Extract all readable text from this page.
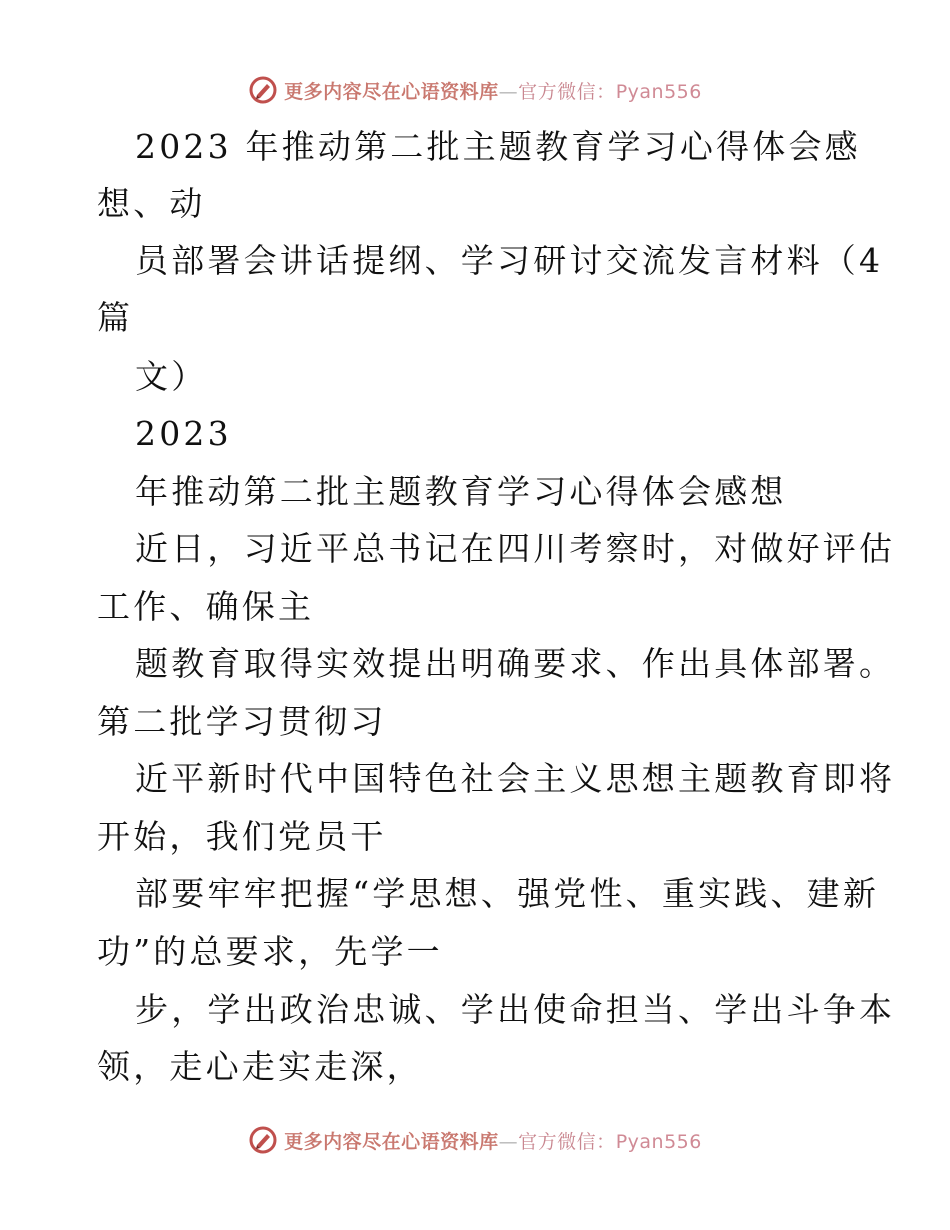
更多内容尽在心语资料库—官方微信：Pyan556
2023 年推动第二批主题教育学习心得体会感
想、动
员部署会讲话提纲、学习研讨交流发言材料（4
篇
文）
2023
年推动第二批主题教育学习心得体会感想
近日，习近平总书记在四川考察时，对做好评估
工作、确保主
题教育取得实效提出明确要求、作出具体部署。
第二批学习贯彻习
近平新时代中国特色社会主义思想主题教育即将
开始，我们党员干
部要牢牢把握“学思想、强党性、重实践、建新
功”的总要求，先学一
步，学出政治忠诚、学出使命担当、学出斗争本
领，走心走实走深，
更多内容尽在心语资料库—官方微信：Pyan556
